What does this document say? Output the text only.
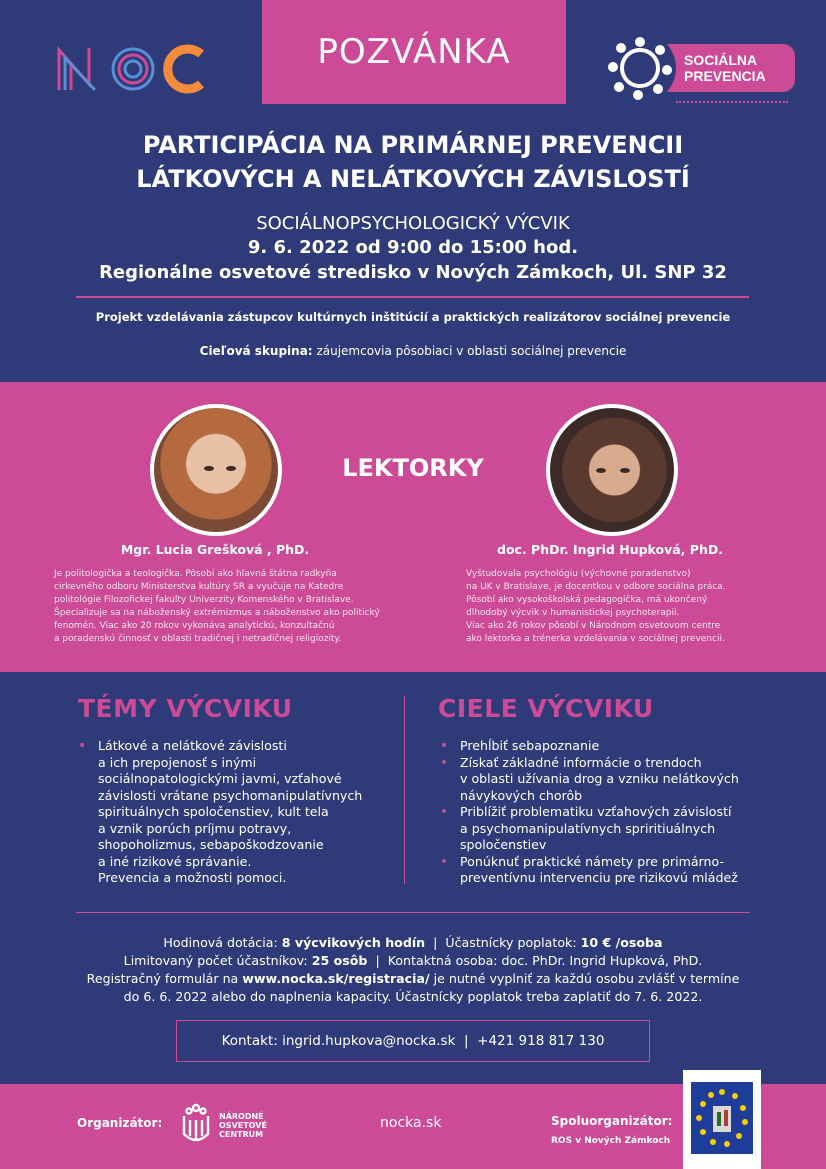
POZVÁNKA	SOCIÁLNA
PREVENCIA
PARTICIPÁCIA NA PRIMÁRNEJ PREVENCII
LÁTKOVÝCH A NELÁTKOVÝCH ZÁVISLOSTÍ
SOCIÁLNOPSYCHOLOGICKÝ VÝCVIK
9. 6. 2022 od 9:00 do 15:00 hod.
Regionálne osvetové stredisko v Nových Zámkoch, Ul. SNP 32
Projekt vzdelávania zástupcov kultúrnych inštitúcií a praktických realizátorov sociálnej prevencie
Cieľová skupina: záujemcovia pôsobiaci v oblasti sociálnej prevencie
LEKTORKY
Mgr. Lucia Grešková , PhD.	doc. PhDr. Ingrid Hupková, PhD.
Je politologička a teologička. Pôsobí ako hlavná štátna radkyňa
cirkevného odboru Ministerstva kultúry SR a vyučuje na Katedre
politológie Filozofickej fakulty Univerzity Komenského v Bratislave.
Špecializuje sa na náboženský extrémizmus a náboženstvo ako politický
fenomén. Viac ako 20 rokov vykonáva analytickú, konzultačnú
a poradenskú činnosť v oblasti tradičnej i netradičnej religiozity.
Vyštudovala psychológiu (výchovné poradenstvo)
na UK v Bratislave, je docentkou v odbore sociálna práca.
Pôsobí ako vysokoškolská pedagogička, má ukončený
dlhodobý výcvik v humanistickej psychoterapii.
Viac ako 26 rokov pôsobí v Národnom osvetovom centre
ako lektorka a trénerka vzdelávania v sociálnej prevencii.
TÉMY VÝCVIKU	CIELE VÝCVIKU
• Látkové a nelátkové závislosti
a ich prepojenosť s inými
sociálnopatologickými javmi, vzťahové
závislosti vrátane psychomanipulatívnych
spirituálnych spoločenstiev, kult tela
a vznik porúch príjmu potravy,
shopoholizmus, sebapoškodzovanie
a iné rizikové správanie.
Prevencia a možnosti pomoci.
• Prehĺbiť sebapoznanie
• Získať základné informácie o trendoch
v oblasti užívania drog a vzniku nelátkových
návykových chorôb
• Priblížiť problematiku vzťahových závislostí
a psychomanipulatívnych spriritiuálnych
spoločenstiev
• Ponúknuť praktické námety pre primárno-
preventívnu intervenciu pre rizikovú mládež
Hodinová dotácia: 8 výcvikových hodín | Účastnícky poplatok: 10 € /osoba
Limitovaný počet účastníkov: 25 osôb | Kontaktná osoba: doc. PhDr. Ingrid Hupková, PhD.
Registračný formulár na www.nocka.sk/registracia/ je nutné vyplniť za každú osobu zvlášť v termíne
do 6. 6. 2022 alebo do naplnenia kapacity. Účastnícky poplatok treba zaplatiť do 7. 6. 2022.
Kontakt:
ingrid.hupkova@nocka.sk
|
+421 918 817 130
Organizátor:	NÁRODNÉ
OSVETOVÉ
CENTRUM
nocka.sk	Spoluorganizátor:
ROS v Nových Zámkoch
